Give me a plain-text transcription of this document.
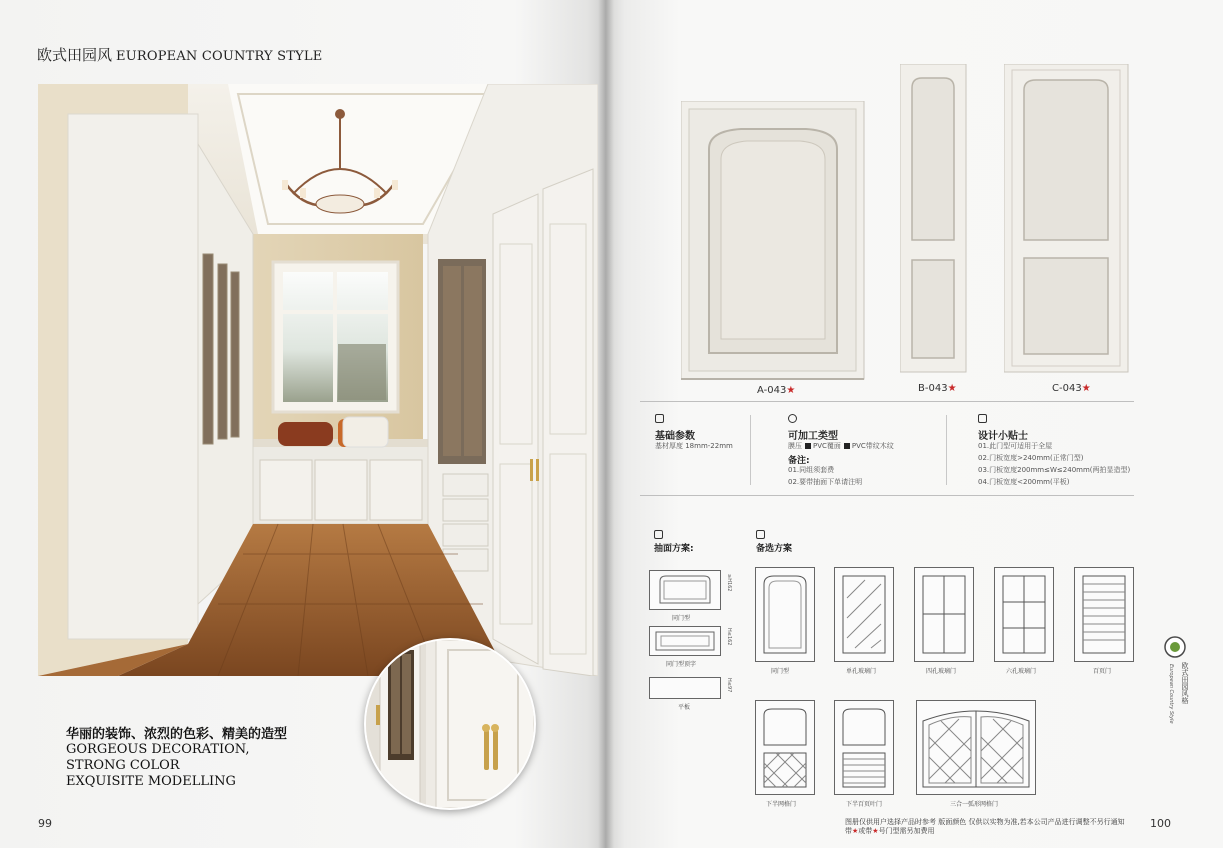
欧式田园风 EUROPEAN COUNTRY STYLE
华丽的装饰、浓烈的色彩、精美的造型
GORGEOUS DECORATION,
STRONG COLOR
EXQUISITE MODELLING
99
A-043★	B-043★	C-043★
基础参数
基材厚度 18mm-22mm
可加工类型
膜压 PVC覆面 PVC带纹木纹
备注:
01.同组须套费
02.要带抽面下单请注明
设计小贴士
01.此门型可适用于全屋
02.门板宽度>240mm(正常门型)
03.门板宽度200mm≤W≤240mm(两拍显造型)
04.门板宽度<200mm(平板)
抽面方案:
≥H162
同门型
H≤162
同门型顶字
H≤97
平板
备选方案
同门型	单孔玻璃门	四孔玻璃门	六孔玻璃门	百页门
下半网格门	下半百页叶门	三合一弧形网格门
欧式田园风格
European Country Style
图册仅供用户选择产品时参考 版面颜色 仅供以实物为准,若本公司产品进行调整不另行通知
带★或带★号门型需另加费用
100
